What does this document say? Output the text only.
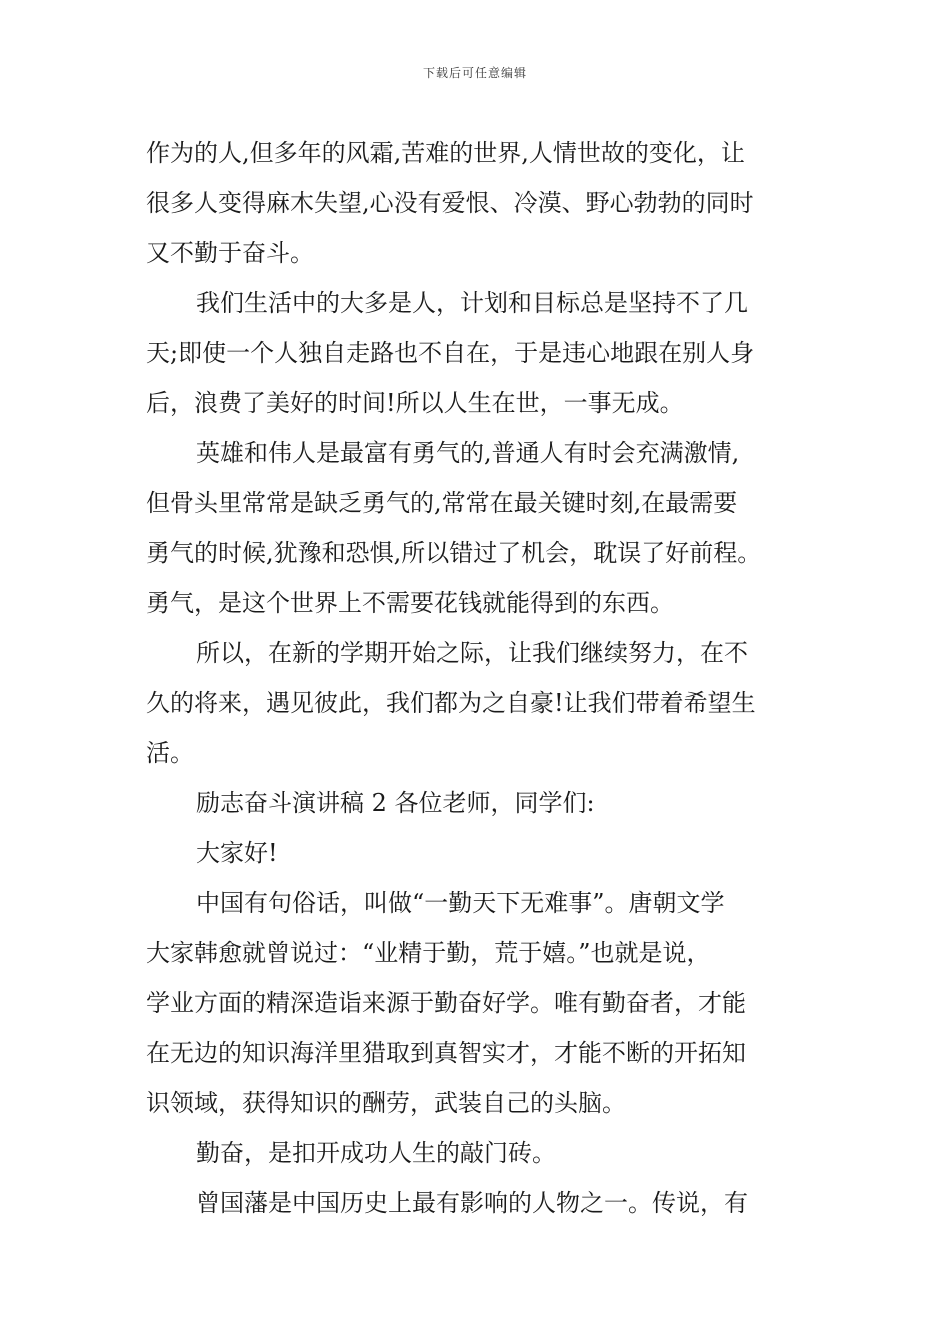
下载后可任意编辑
作为的人,但多年的风霜,苦难的世界,人情世故的变化，让
很多人变得麻木失望,心没有爱恨、冷漠、野心勃勃的同时
又不勤于奋斗。
我们生活中的大多是人，计划和目标总是坚持不了几
天;即使一个人独自走路也不自在，于是违心地跟在别人身
后，浪费了美好的时间!所以人生在世，一事无成。
英雄和伟人是最富有勇气的,普通人有时会充满激情,
但骨头里常常是缺乏勇气的,常常在最关键时刻,在最需要
勇气的时候,犹豫和恐惧,所以错过了机会，耽误了好前程。
勇气，是这个世界上不需要花钱就能得到的东西。
所以，在新的学期开始之际，让我们继续努力，在不
久的将来，遇见彼此，我们都为之自豪!让我们带着希望生
活。
励志奋斗演讲稿 2 各位老师，同学们:
大家好!
中国有句俗话，叫做“一勤天下无难事”。唐朝文学
大家韩愈就曾说过：“业精于勤，荒于嬉。”也就是说，
学业方面的精深造诣来源于勤奋好学。唯有勤奋者，才能
在无边的知识海洋里猎取到真智实才，才能不断的开拓知
识领域，获得知识的酬劳，武装自己的头脑。
勤奋，是扣开成功人生的敲门砖。
曾国藩是中国历史上最有影响的人物之一。传说，有
